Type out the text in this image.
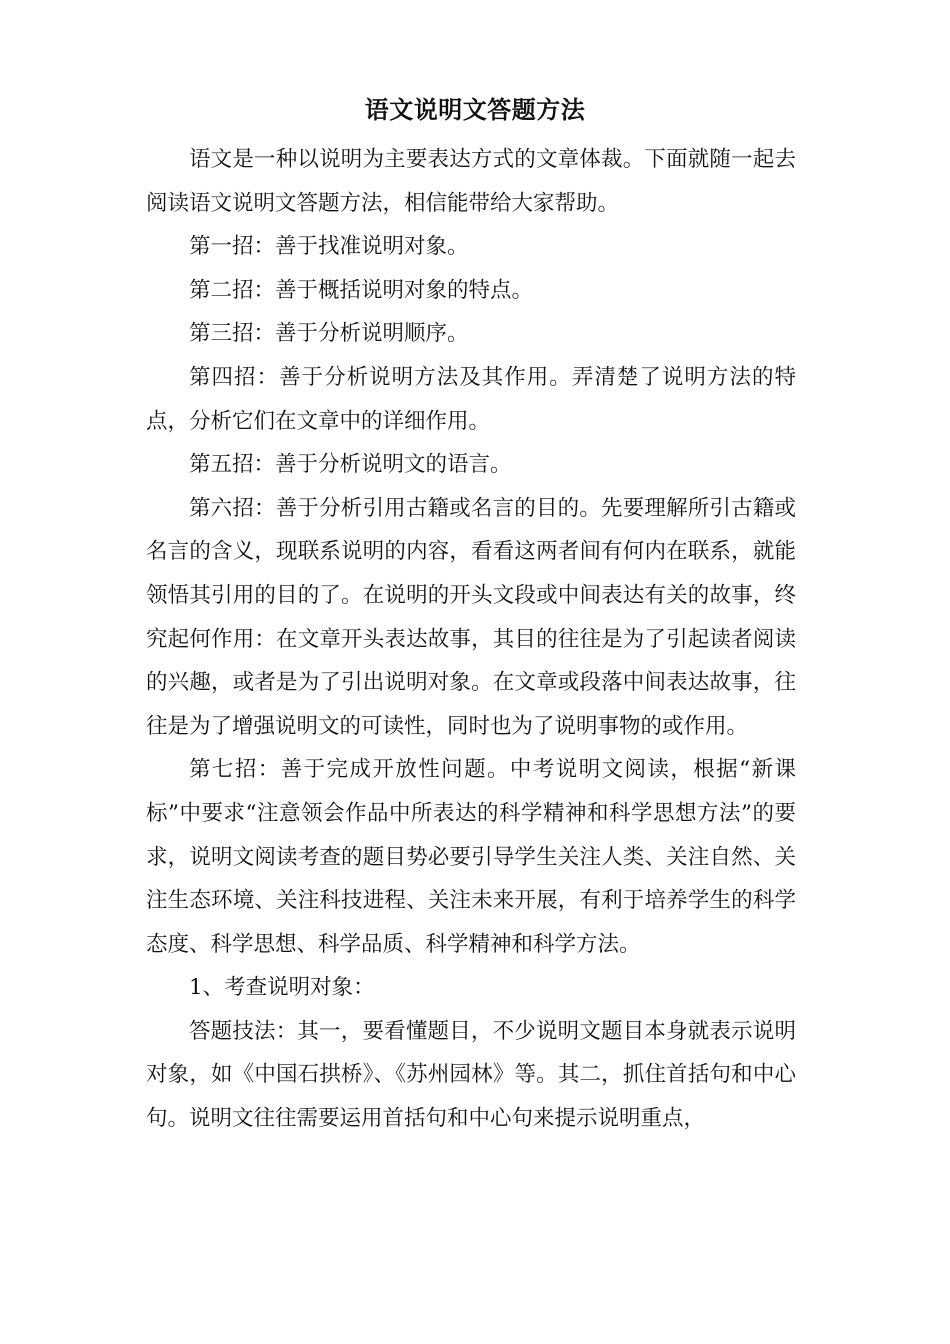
语文说明文答题方法

语文是一种以说明为主要表达方式的文章体裁。下面就随一起去阅读语文说明文答题方法，相信能带给大家帮助。

第一招：善于找准说明对象。

第二招：善于概括说明对象的特点。

第三招：善于分析说明顺序。

第四招：善于分析说明方法及其作用。弄清楚了说明方法的特点，分析它们在文章中的详细作用。

第五招：善于分析说明文的语言。

第六招：善于分析引用古籍或名言的目的。先要理解所引古籍或名言的含义，现联系说明的内容，看看这两者间有何内在联系，就能领悟其引用的目的了。在说明的开头文段或中间表达有关的故事，终究起何作用：在文章开头表达故事，其目的往往是为了引起读者阅读的兴趣，或者是为了引出说明对象。在文章或段落中间表达故事，往往是为了增强说明文的可读性，同时也为了说明事物的或作用。

第七招：善于完成开放性问题。中考说明文阅读，根据“新课标”中要求“注意领会作品中所表达的科学精神和科学思想方法”的要求，说明文阅读考查的题目势必要引导学生关注人类、关注自然、关注生态环境、关注科技进程、关注未来开展，有利于培养学生的科学态度、科学思想、科学品质、科学精神和科学方法。

1、考查说明对象：

答题技法：其一，要看懂题目，不少说明文题目本身就表示说明对象，如《中国石拱桥》、《苏州园林》等。其二，抓住首括句和中心句。说明文往往需要运用首括句和中心句来提示说明重点，
